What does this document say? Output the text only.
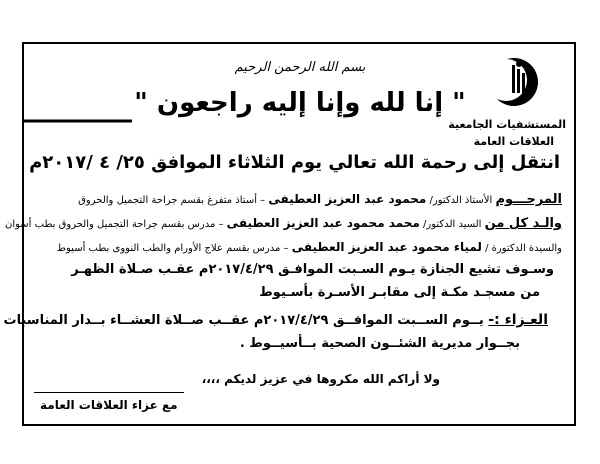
بسم الله الرحمن الرحيم
" إنا لله وإنا إليه راجعون "
المستشفيات الجامعية
العلاقات العامة
انتقل إلى رحمة الله تعالي يوم الثلاثاء الموافق ٢٥/ ٤ /٢٠١٧م
المرحـــوم الأستاذ الدكتور/ محمود عبد العزيز العطيفى – أستاذ متفرغ بقسم جراحة التجميل والحروق
والـد كل من السيد الدكتور/ محمد محمود عبد العزيز العطيفى – مدرس بقسم جراحة التجميل والحروق بطب أسوان
والسيدة الدكتورة / لمياء محمود عبد العزيز العطيفى – مدرس بقسم علاج الأورام والطب النووى بطب أسيوط
وسـوف تشيع الجنازة يـوم السـبت الموافـق ٢٠١٧/٤/٢٩م عقـب صـلاة الظهـر
من مسجـد مكـة إلى مقابـر الأسـرة بأسـيوط
العـزاء :- يــوم الســبت الموافــق ٢٠١٧/٤/٢٩م عقــب صــلاة العشــاء بــدار المناسبات
بجــوار مديرية الشئــون الصحية بــأسيــوط .
ولا أراكم الله مكروها في عزيز لديكم ،،،،
مع عزاء العلاقات العامة
